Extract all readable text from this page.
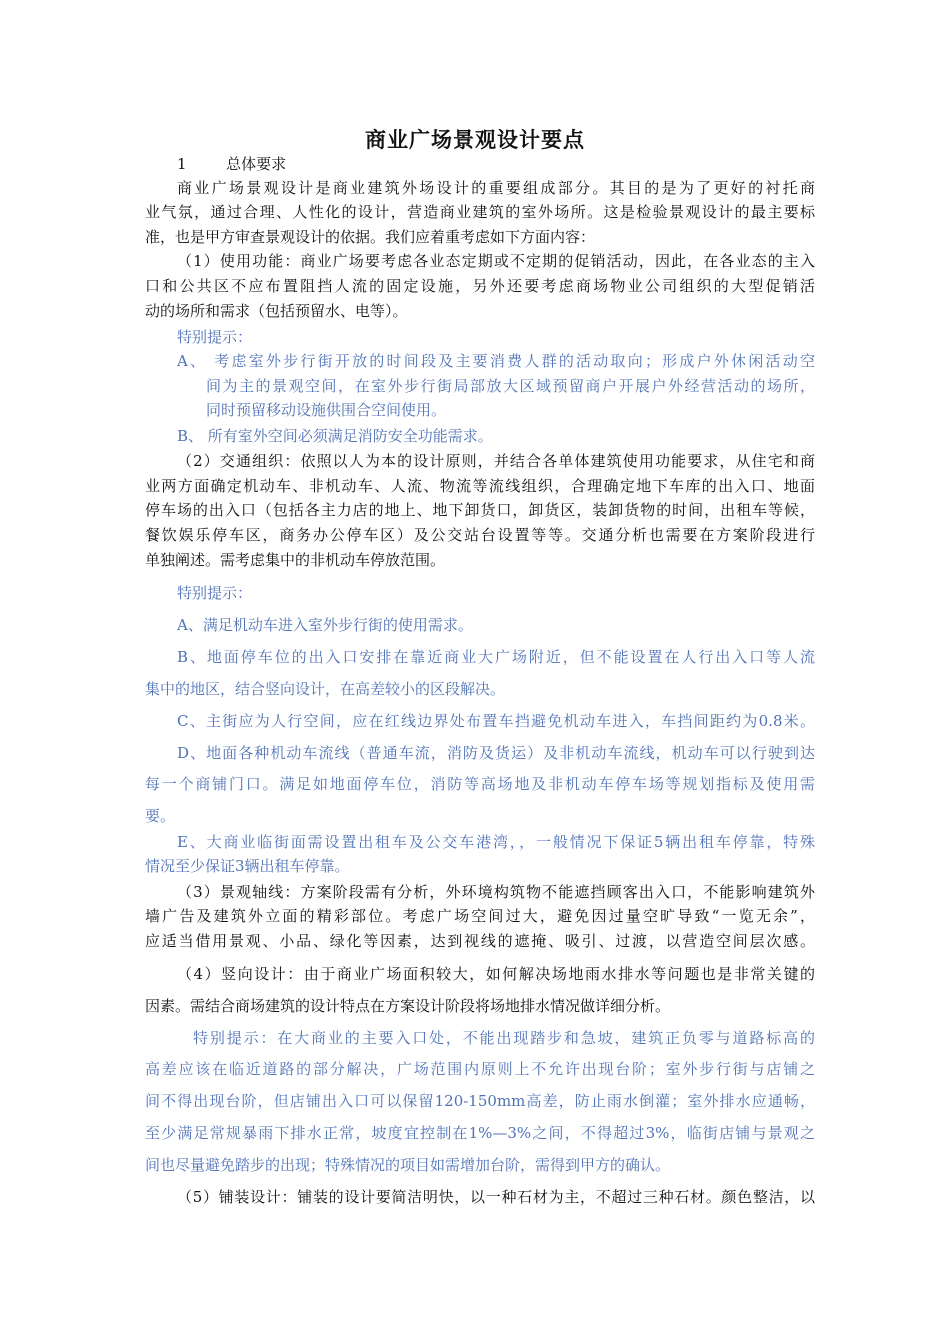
商业广场景观设计要点
1	总体要求
商业广场景观设计是商业建筑外场设计的重要组成部分。其目的是为了更好的衬托商
业气氛，通过合理、人性化的设计，营造商业建筑的室外场所。这是检验景观设计的最主要标
准，也是甲方审查景观设计的依据。我们应着重考虑如下方面内容：
（1）使用功能：商业广场要考虑各业态定期或不定期的促销活动，因此，在各业态的主入
口和公共区不应布置阻挡人流的固定设施，另外还要考虑商场物业公司组织的大型促销活
动的场所和需求（包括预留水、电等）。
特别提示：
A、 考虑室外步行街开放的时间段及主要消费人群的活动取向；形成户外休闲活动空
间为主的景观空间，在室外步行街局部放大区域预留商户开展户外经营活动的场所，
同时预留移动设施供围合空间使用。
B、 所有室外空间必须满足消防安全功能需求。
（2）交通组织：依照以人为本的设计原则，并结合各单体建筑使用功能要求，从住宅和商
业两方面确定机动车、非机动车、人流、物流等流线组织，合理确定地下车库的出入口、地面
停车场的出入口（包括各主力店的地上、地下卸货口，卸货区，装卸货物的时间，出租车等候，
餐饮娱乐停车区，商务办公停车区）及公交站台设置等等。交通分析也需要在方案阶段进行
单独阐述。需考虑集中的非机动车停放范围。
特别提示：
A、满足机动车进入室外步行街的使用需求。
B、地面停车位的出入口安排在靠近商业大广场附近，但不能设置在人行出入口等人流
集中的地区，结合竖向设计，在高差较小的区段解决。
C、主街应为人行空间，应在红线边界处布置车挡避免机动车进入，车挡间距约为0.8米。
D、地面各种机动车流线（普通车流，消防及货运）及非机动车流线，机动车可以行驶到达
每一个商铺门口。满足如地面停车位，消防等高场地及非机动车停车场等规划指标及使用需
要。
E、大商业临街面需设置出租车及公交车港湾，，一般情况下保证5辆出租车停靠，特殊
情况至少保证3辆出租车停靠。
（3）景观轴线：方案阶段需有分析，外环境构筑物不能遮挡顾客出入口，不能影响建筑外
墙广告及建筑外立面的精彩部位。考虑广场空间过大，避免因过量空旷导致“一览无余”，
应适当借用景观、小品、绿化等因素，达到视线的遮掩、吸引、过渡，以营造空间层次感。
（4）竖向设计：由于商业广场面积较大，如何解决场地雨水排水等问题也是非常关键的
因素。需结合商场建筑的设计特点在方案设计阶段将场地排水情况做详细分析。
特别提示：在大商业的主要入口处，不能出现踏步和急坡，建筑正负零与道路标高的
高差应该在临近道路的部分解决，广场范围内原则上不允许出现台阶；室外步行街与店铺之
间不得出现台阶，但店铺出入口可以保留120-150mm高差，防止雨水倒灌；室外排水应通畅，
至少满足常规暴雨下排水正常，坡度宜控制在1%—3%之间，不得超过3%，临街店铺与景观之
间也尽量避免踏步的出现；特殊情况的项目如需增加台阶，需得到甲方的确认。
（5）铺装设计：铺装的设计要简洁明快，以一种石材为主，不超过三种石材。颜色整洁，以
